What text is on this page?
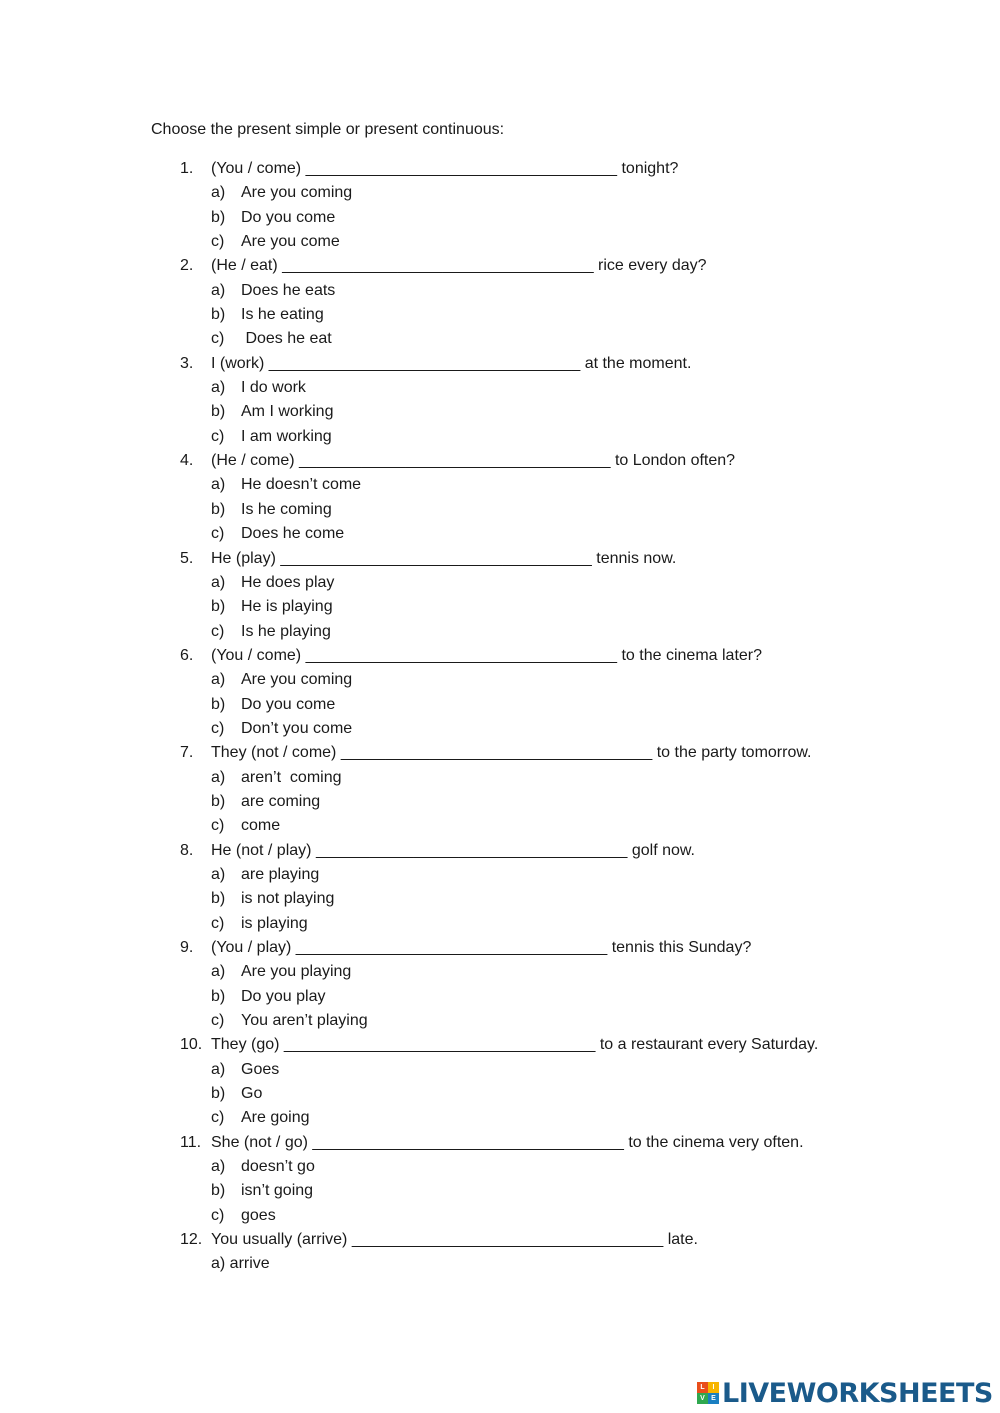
Choose the present simple or present continuous:
1. (You / come) ___________________________________ tonight?
a) Are you coming
b) Do you come
c) Are you come
2. (He / eat) ___________________________________ rice every day?
a) Does he eats
b) Is he eating
c) Does he eat
3. I (work) ___________________________________ at the moment.
a) I do work
b) Am I working
c) I am working
4. (He / come) ___________________________________ to London often?
a) He doesn’t come
b) Is he coming
c) Does he come
5. He (play) ___________________________________ tennis now.
a) He does play
b) He is playing
c) Is he playing
6. (You / come) ___________________________________ to the cinema later?
a) Are you coming
b) Do you come
c) Don’t you come
7. They (not / come) ___________________________________ to the party tomorrow.
a) aren’t  coming
b) are coming
c) come
8. He (not / play) ___________________________________ golf now.
a) are playing
b) is not playing
c) is playing
9. (You / play) ___________________________________ tennis this Sunday?
a) Are you playing
b) Do you play
c) You aren’t playing
10. They (go) ___________________________________ to a restaurant every Saturday.
a) Goes
b) Go
c) Are going
11. She (not / go) ___________________________________ to the cinema very often.
a) doesn’t go
b) isn’t going
c) goes
12. You usually (arrive) ___________________________________ late.
a) arrive
L	I
V E LIVEWORKSHEETS
